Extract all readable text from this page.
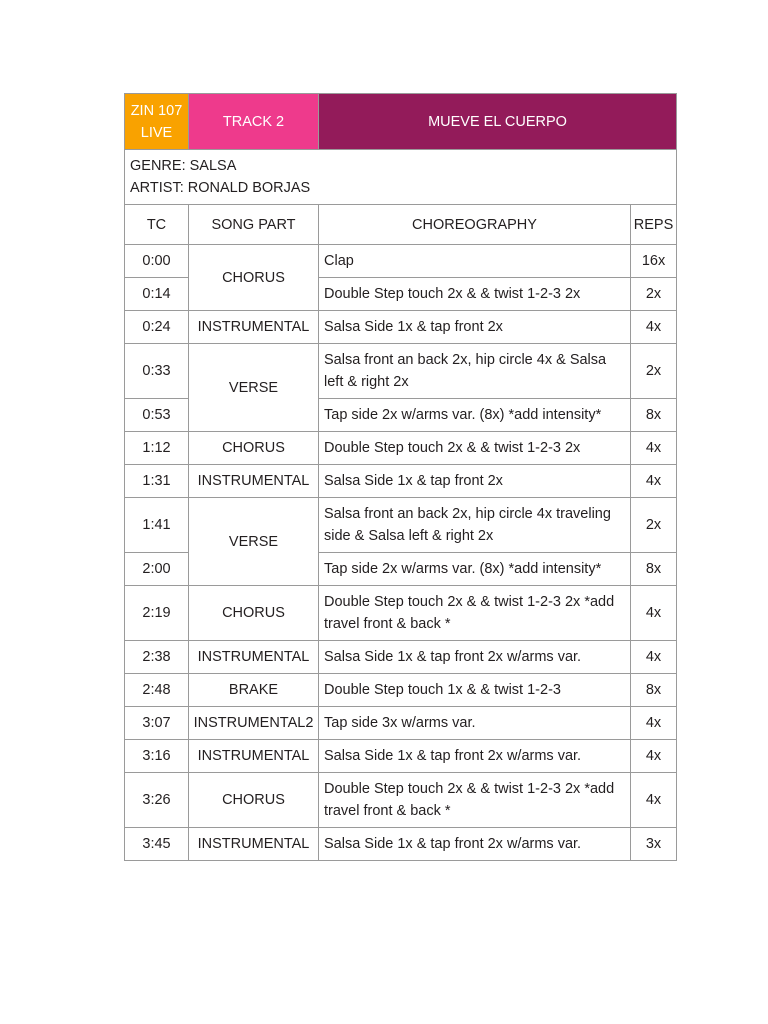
ZIN 107
LIVE	TRACK 2	MUEVE EL CUERPO	

GENRE: SALSA
ARTIST: RONALD BORJAS			

TC	SONG PART	CHOREOGRAPHY	REPS
0:00	CHORUS	Clap	16x
0:14		Double Step touch 2x & & twist 1-2-3 2x	2x
0:24	INSTRUMENTAL	Salsa Side 1x & tap front 2x	4x
0:33	VERSE	Salsa front an back 2x, hip circle 4x & Salsa left & right 2x	2x
0:53		Tap side 2x w/arms var. (8x) *add intensity*	8x
1:12	CHORUS	Double Step touch 2x & & twist 1-2-3 2x	4x
1:31	INSTRUMENTAL	Salsa Side 1x & tap front 2x	4x
1:41	VERSE	Salsa front an back 2x, hip circle 4x traveling side & Salsa left & right 2x	2x
2:00		Tap side 2x w/arms var. (8x) *add intensity*	8x
2:19	CHORUS	Double Step touch 2x & & twist 1-2-3 2x *add travel front & back *	4x
2:38	INSTRUMENTAL	Salsa Side 1x & tap front 2x w/arms var.	4x
2:48	BRAKE	Double Step touch 1x & & twist 1-2-3	8x
3:07	INSTRUMENTAL2	Tap side 3x w/arms var.	4x
3:16	INSTRUMENTAL	Salsa Side 1x & tap front 2x w/arms var.	4x
3:26	CHORUS	Double Step touch 2x & & twist 1-2-3 2x *add travel front & back *	4x
3:45	INSTRUMENTAL	Salsa Side 1x & tap front 2x w/arms var.	3x
